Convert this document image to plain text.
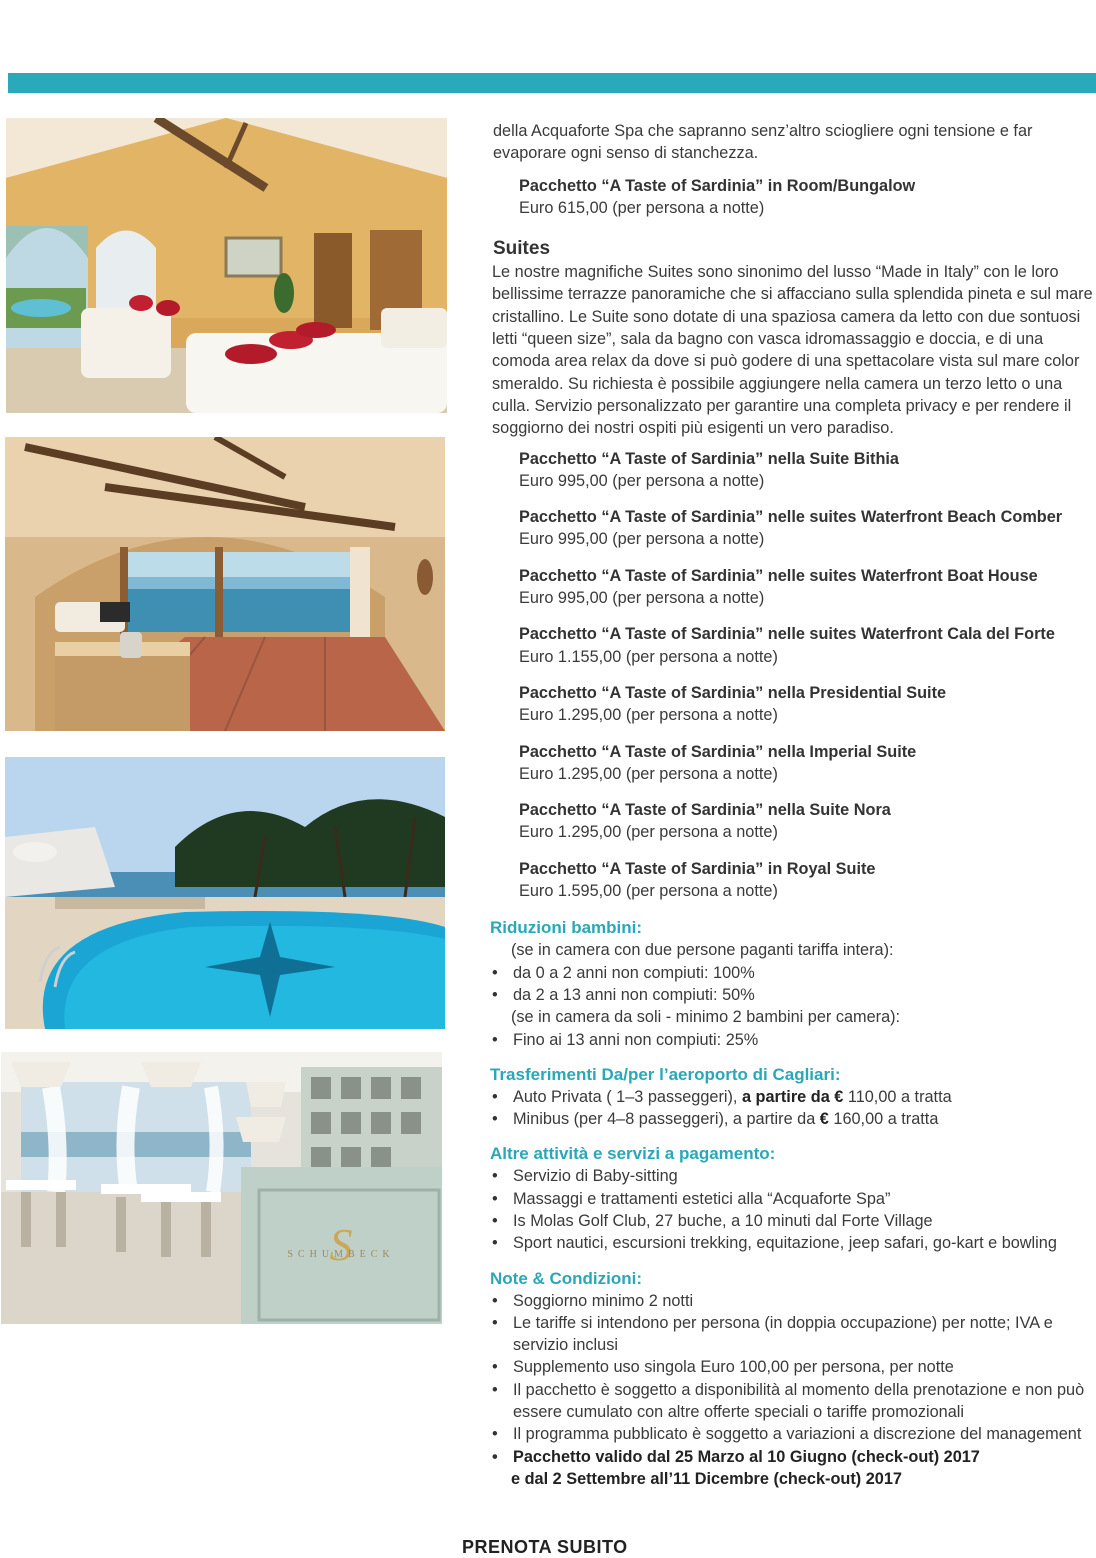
S
SCHUMBECK

della Acquaforte Spa che sapranno senz’altro sciogliere ogni tensione e far evaporare ogni senso di stanchezza.

Pacchetto “A Taste of Sardinia” in Room/Bungalow
Euro 615,00 (per persona a notte)
Suites

Le nostre magnifiche Suites sono sinonimo del lusso “Made in Italy” con le loro bellissime terrazze panoramiche che si affacciano sulla splendida pineta e sul mare cristallino. Le Suite sono dotate di una spaziosa camera da letto con due sontuosi letti “queen size”, sala da bagno con vasca idromassaggio e doccia, e di una comoda area relax da dove si può godere di una spettacolare vista sul mare color smeraldo. Su richiesta è possibile aggiungere nella camera un terzo letto o una culla. Servizio personalizzato per garantire una completa privacy e per rendere il soggiorno dei nostri ospiti più esigenti un vero paradiso.

Pacchetto “A Taste of Sardinia” nella Suite Bithia
Euro 995,00 (per persona a notte)
Pacchetto “A Taste of Sardinia” nelle suites Waterfront Beach Comber
Euro 995,00 (per persona a notte)
Pacchetto “A Taste of Sardinia” nelle suites Waterfront Boat House
Euro 995,00 (per persona a notte)
Pacchetto “A Taste of Sardinia” nelle suites Waterfront Cala del Forte
Euro 1.155,00 (per persona a notte)
Pacchetto “A Taste of Sardinia” nella Presidential Suite
Euro 1.295,00 (per persona a notte)
Pacchetto “A Taste of Sardinia” nella Imperial Suite
Euro 1.295,00 (per persona a notte)
Pacchetto “A Taste of Sardinia” nella Suite Nora
Euro 1.295,00 (per persona a notte)
Pacchetto “A Taste of Sardinia” in Royal Suite
Euro 1.595,00 (per persona a notte)
Riduzioni bambini:
(se in camera con due persone paganti tariffa intera):
• da 0 a 2 anni non compiuti: 100%
• da 2 a 13 anni non compiuti: 50%
(se in camera da soli - minimo 2 bambini per camera):
• Fino ai 13 anni non compiuti: 25%
Trasferimenti Da/per l’aeroporto di Cagliari:
• Auto Privata ( 1–3 passeggeri), a partire da € 110,00 a tratta
• Minibus (per 4–8 passeggeri), a partire da € 160,00 a tratta
Altre attività e servizi a pagamento:
• Servizio di Baby-sitting
• Massaggi e trattamenti estetici alla “Acquaforte Spa”
• Is Molas Golf Club, 27 buche, a 10 minuti dal Forte Village
• Sport nautici, escursioni trekking, equitazione, jeep safari, go-kart e bowling
Note & Condizioni:
• Soggiorno minimo 2 notti
• Le tariffe si intendono per persona (in doppia occupazione) per notte; IVA e servizio inclusi
• Supplemento uso singola Euro 100,00 per persona, per notte
• Il pacchetto è soggetto a disponibilità al momento della prenotazione e non può essere cumulato con altre offerte speciali o tariffe promozionali
• Il programma pubblicato è soggetto a variazioni a discrezione del management
• Pacchetto valido dal 25 Marzo al 10 Giugno (check-out) 2017
e dal 2 Settembre all’11 Dicembre (check-out) 2017
PRENOTA SUBITO
